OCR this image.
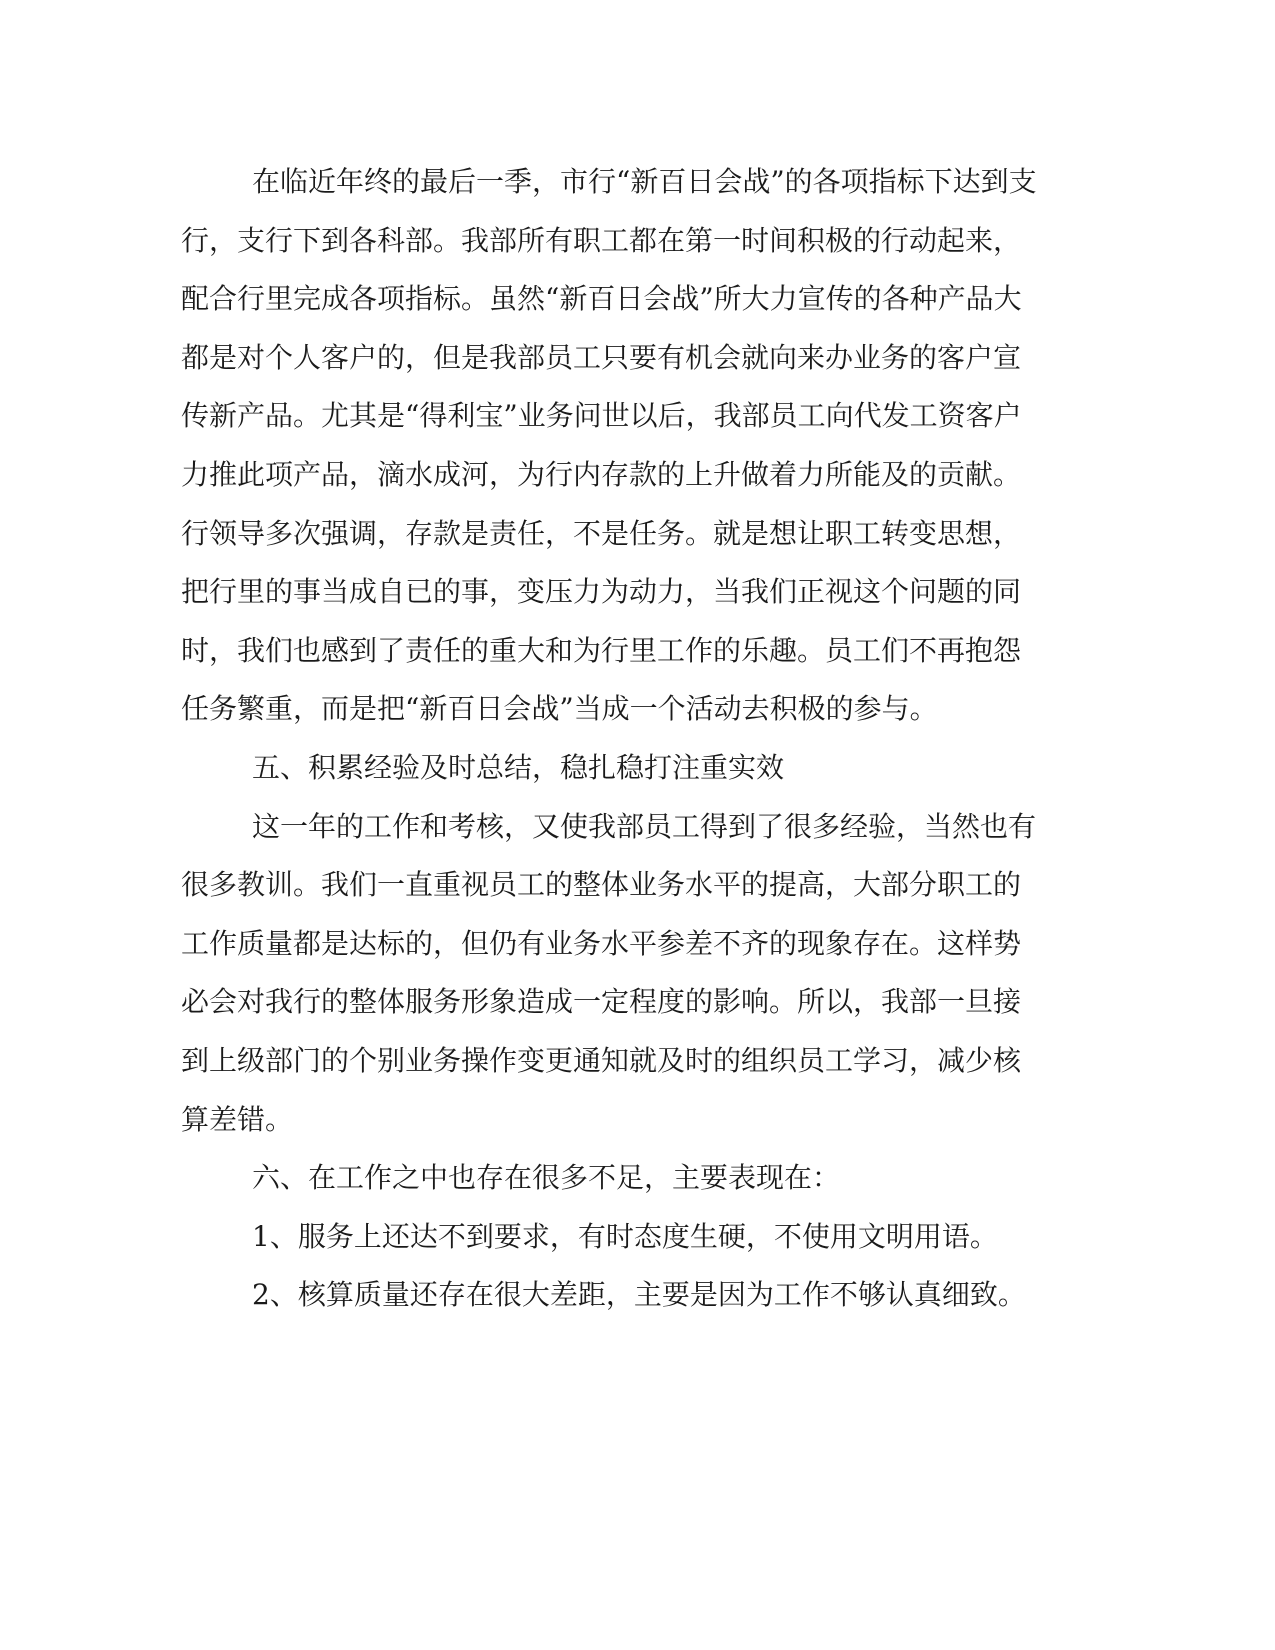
在临近年终的最后一季，市行“新百日会战”的各项指标下达到支
行，支行下到各科部。我部所有职工都在第一时间积极的行动起来，
配合行里完成各项指标。虽然“新百日会战”所大力宣传的各种产品大
都是对个人客户的，但是我部员工只要有机会就向来办业务的客户宣
传新产品。尤其是“得利宝”业务问世以后，我部员工向代发工资客户
力推此项产品，滴水成河，为行内存款的上升做着力所能及的贡献。
行领导多次强调，存款是责任，不是任务。就是想让职工转变思想，
把行里的事当成自已的事，变压力为动力，当我们正视这个问题的同
时，我们也感到了责任的重大和为行里工作的乐趣。员工们不再抱怨
任务繁重，而是把“新百日会战”当成一个活动去积极的参与。
五、积累经验及时总结，稳扎稳打注重实效
这一年的工作和考核，又使我部员工得到了很多经验，当然也有
很多教训。我们一直重视员工的整体业务水平的提高，大部分职工的
工作质量都是达标的，但仍有业务水平参差不齐的现象存在。这样势
必会对我行的整体服务形象造成一定程度的影响。所以，我部一旦接
到上级部门的个别业务操作变更通知就及时的组织员工学习，减少核
算差错。
六、在工作之中也存在很多不足，主要表现在：
1、服务上还达不到要求，有时态度生硬，不使用文明用语。
2、核算质量还存在很大差距，主要是因为工作不够认真细致。
